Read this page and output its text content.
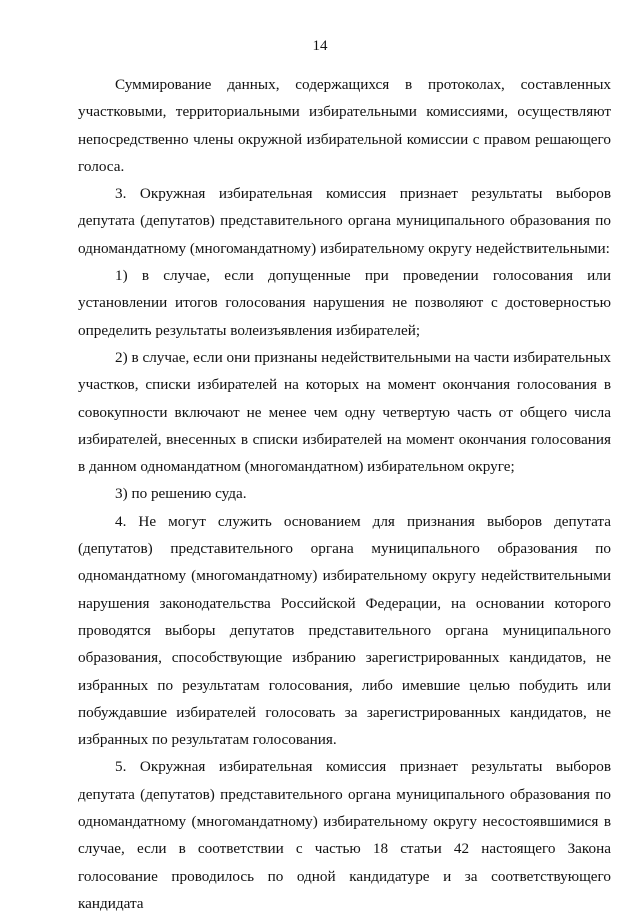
14

Суммирование данных, содержащихся в протоколах, составленных участковыми, территориальными избирательными комиссиями, осуществляют непосредственно члены окружной избирательной комиссии с правом решающего голоса.

3. Окружная избирательная комиссия признает результаты выборов депутата (депутатов) представительного органа муниципального образования по одномандатному (многомандатному) избирательному округу недействительными:

1) в случае, если допущенные при проведении голосования или установлении итогов голосования нарушения не позволяют с достоверностью определить результаты волеизъявления избирателей;

2) в случае, если они признаны недействительными на части избирательных участков, списки избирателей на которых на момент окончания голосования в совокупности включают не менее чем одну четвертую часть от общего числа избирателей, внесенных в списки избирателей на момент окончания голосования в данном одномандатном (многомандатном) избирательном округе;

3) по решению суда.

4. Не могут служить основанием для признания выборов депутата (депутатов) представительного органа муниципального образования по одномандатному (многомандатному) избирательному округу недействительными нарушения законодательства Российской Федерации, на основании которого проводятся выборы депутатов представительного органа муниципального образования, способствующие избранию зарегистрированных кандидатов, не избранных по результатам голосования, либо имевшие целью побудить или побуждавшие избирателей голосовать за зарегистрированных кандидатов, не избранных по результатам голосования.

5. Окружная избирательная комиссия признает результаты выборов депутата (депутатов) представительного органа муниципального образования по одномандатному (многомандатному) избирательному округу несостоявшимися в случае, если в соответствии с частью 18 статьи 42 настоящего Закона голосование проводилось по одной кандидатуре и за соответствующего кандидата
